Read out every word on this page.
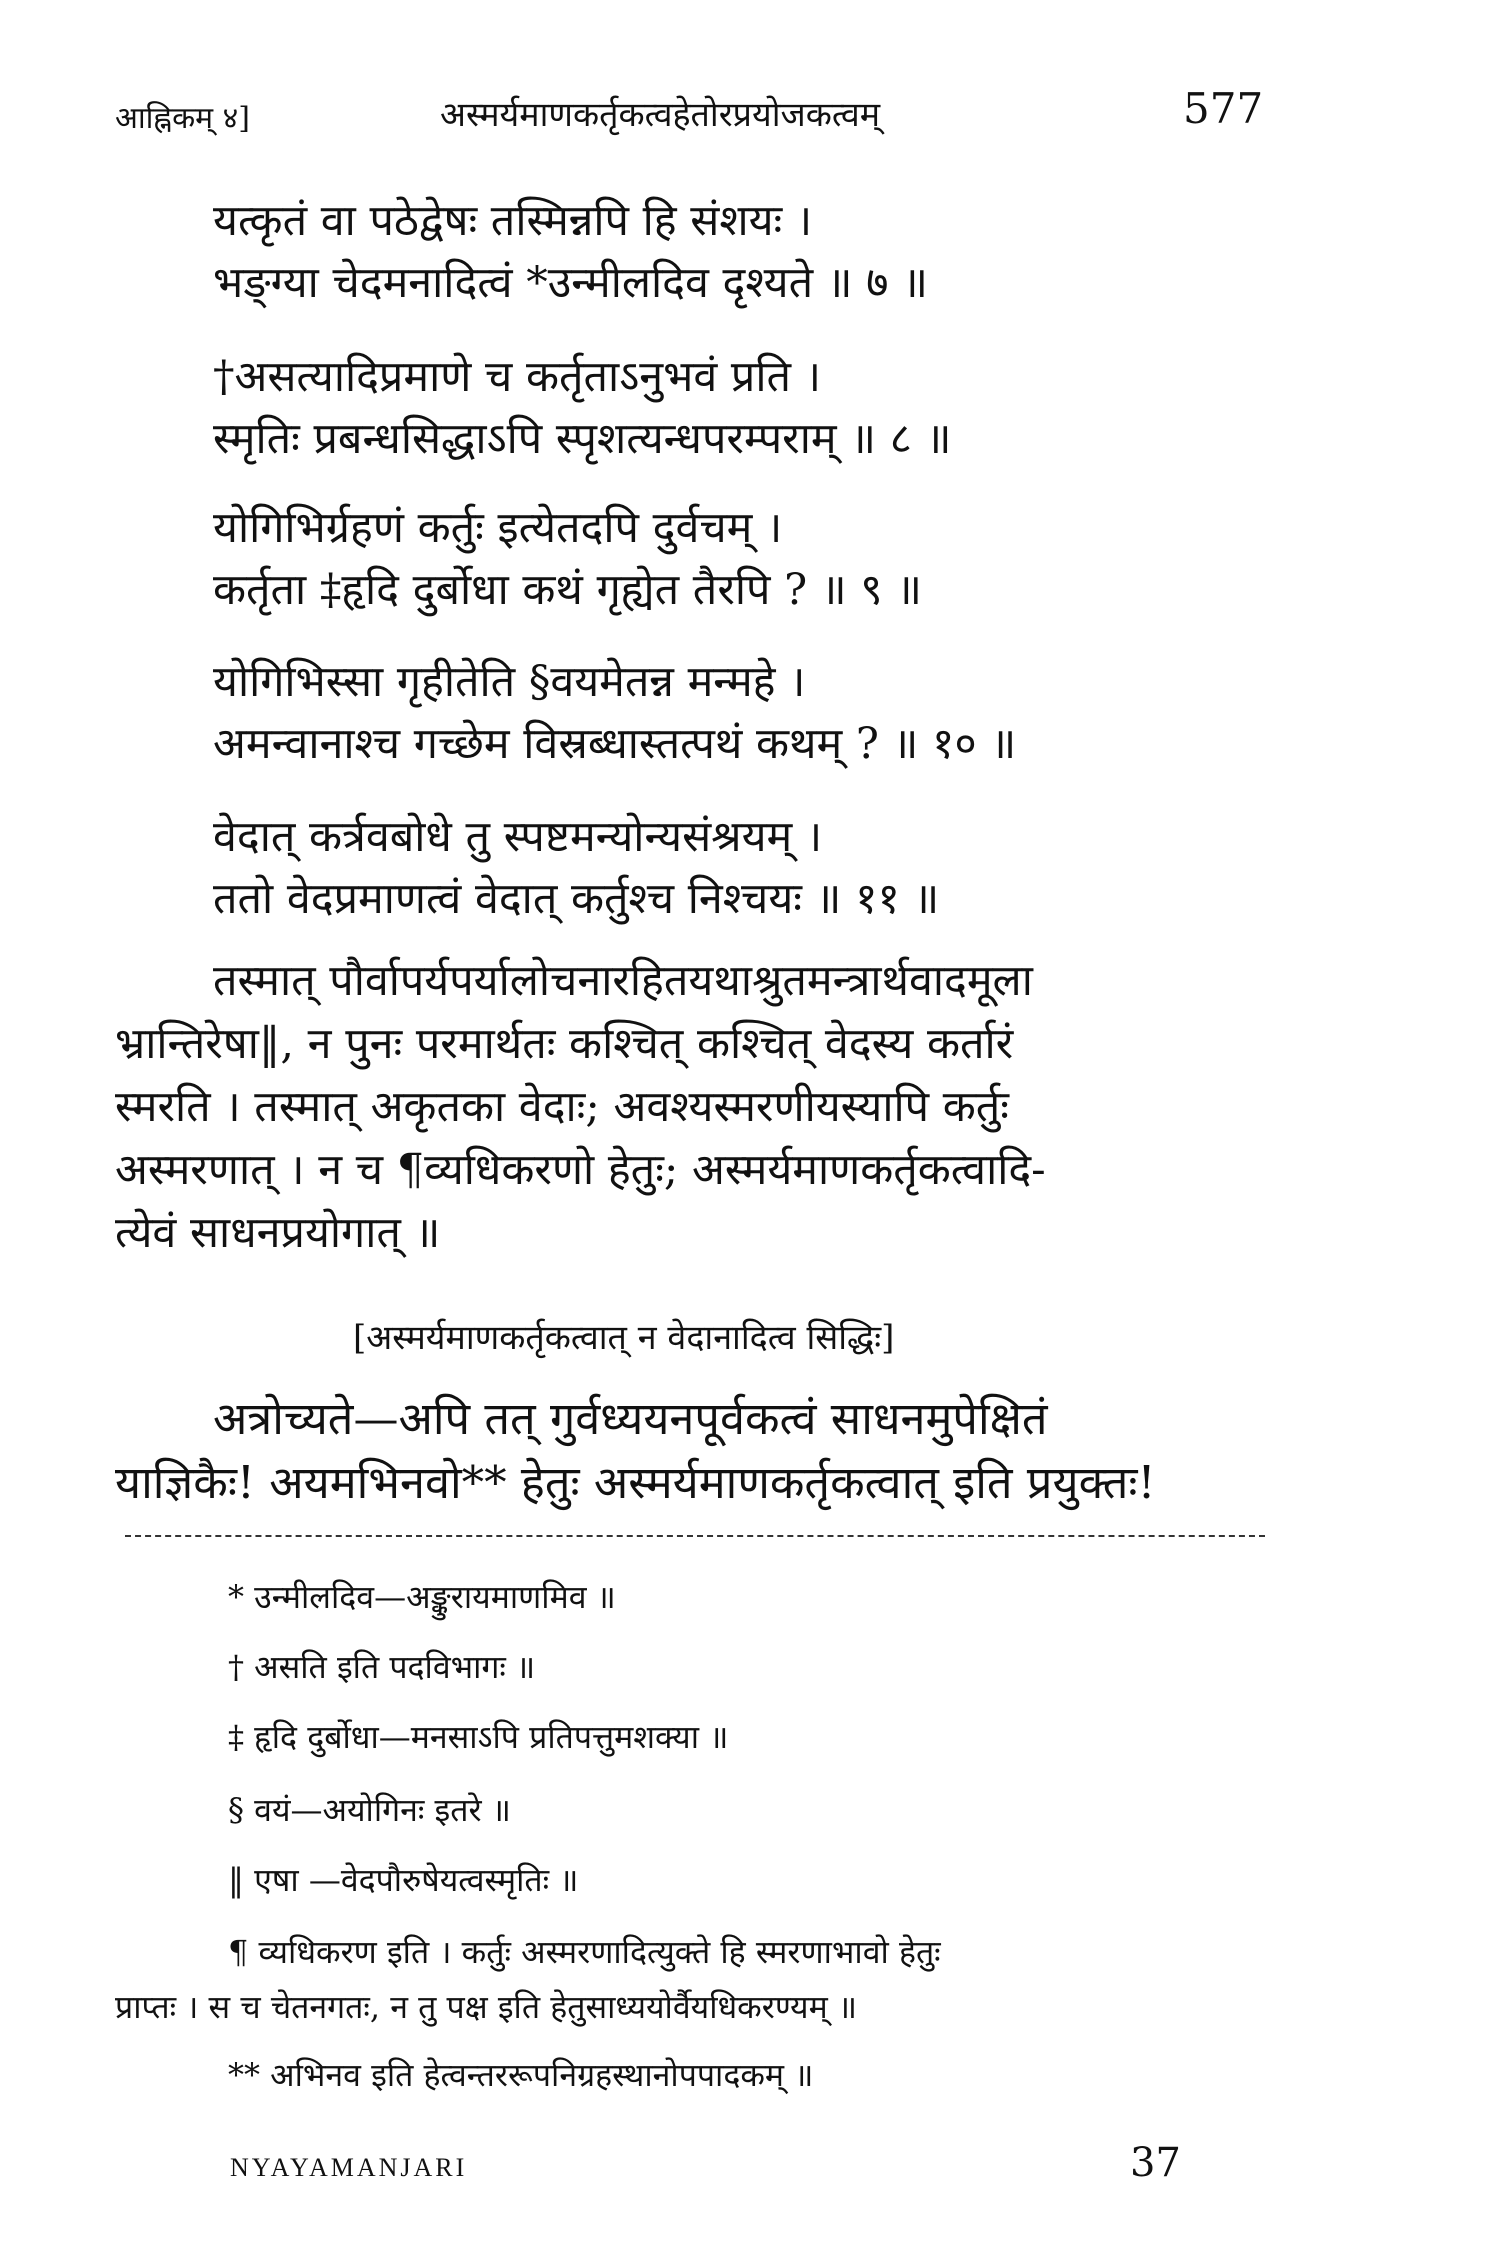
आह्निकम् ४]	अस्मर्यमाणकर्तृकत्वहेतोरप्रयोजकत्वम्	577
यत्कृतं वा पठेद्वेषः तस्मिन्नपि हि संशयः ।
भङ्ग्या चेदमनादित्वं *उन्मीलदिव दृश्यते ॥ ७ ॥
†असत्यादिप्रमाणे च कर्तृताऽनुभवं प्रति ।
स्मृतिः प्रबन्धसिद्धाऽपि स्पृशत्यन्धपरम्पराम् ॥ ८ ॥
योगिभिर्ग्रहणं कर्तुः इत्येतदपि दुर्वचम् ।
कर्तृता ‡हृदि दुर्बोधा कथं गृह्येत तैरपि ? ॥ ९ ॥
योगिभिस्सा गृहीतेति §वयमेतन्न मन्महे ।
अमन्वानाश्च गच्छेम विस्रब्धास्तत्पथं कथम् ? ॥ १० ॥
वेदात् कर्त्रवबोधे तु स्पष्टमन्योन्यसंश्रयम् ।
ततो वेदप्रमाणत्वं वेदात् कर्तुश्च निश्चयः ॥ ११ ॥
तस्मात् पौर्वापर्यपर्यालोचनारहितयथाश्रुतमन्त्रार्थवादमूला
भ्रान्तिरेषा‖, न पुनः परमार्थतः कश्चित् कश्चित् वेदस्य कर्तारं
स्मरति । तस्मात् अकृतका वेदाः; अवश्यस्मरणीयस्यापि कर्तुः
अस्मरणात् । न च ¶व्यधिकरणो हेतुः; अस्मर्यमाणकर्तृकत्वादि-
त्येवं साधनप्रयोगात् ॥
[अस्मर्यमाणकर्तृकत्वात् न वेदानादित्व सिद्धिः]
अत्रोच्यते—अपि तत् गुर्वध्ययनपूर्वकत्वं साधनमुपेक्षितं
याज्ञिकैः! अयमभिनवो** हेतुः अस्मर्यमाणकर्तृकत्वात् इति प्रयुक्तः!
* उन्मीलदिव—अङ्कुरायमाणमिव ॥
† असति इति पदविभागः ॥
‡ हृदि दुर्बोधा—मनसाऽपि प्रतिपत्तुमशक्या ॥
§ वयं—अयोगिनः इतरे ॥
‖ एषा —वेदपौरुषेयत्वस्मृतिः ॥
¶ व्यधिकरण इति । कर्तुः अस्मरणादित्युक्ते हि स्मरणाभावो हेतुः
प्राप्तः । स च चेतनगतः, न तु पक्ष इति हेतुसाध्ययोर्वैयधिकरण्यम् ॥
** अभिनव इति हेत्वन्तररूपनिग्रहस्थानोपपादकम् ॥
NYAYAMANJARI	37
